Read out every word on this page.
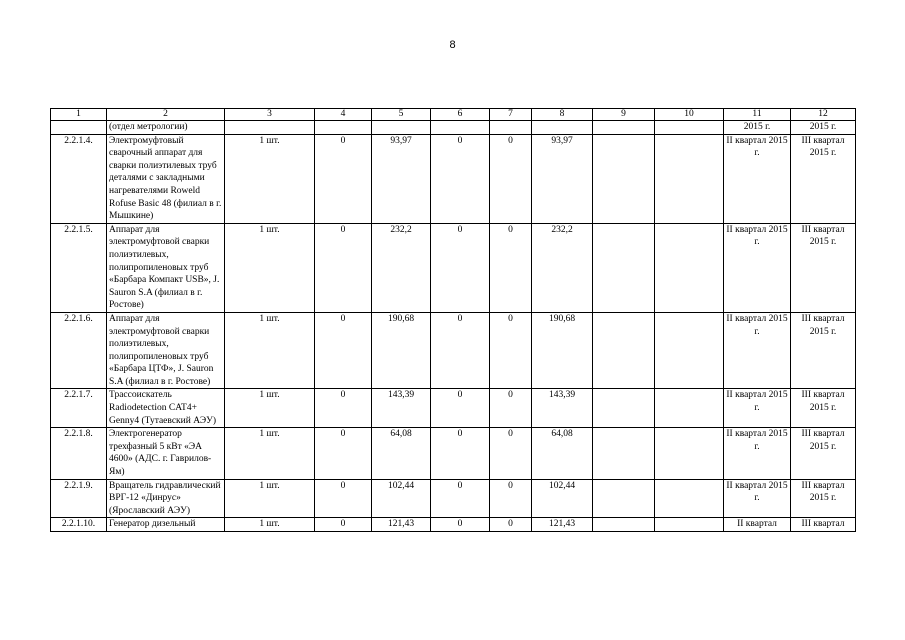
8
1	2	3	4	5	6	7	8	9	10	11	12
	(отдел метрологии)									2015 г.	2015 г.
2.2.1.4.	Электромуфтовый сварочный аппарат для сварки полиэтилевых труб деталями с закладными нагревателями Roweld Rofuse Basic 48 (филиал в г. Мышкине)	1 шт.	0	93,97	0	0	93,97			II квартал 2015 г.	III квартал 2015 г.
2.2.1.5.	Аппарат для электромуфтовой сварки полиэтилевых, полипропиленовых труб «Барбара Компакт USB», J. Sauron S.A (филиал в г. Ростове)	1 шт.	0	232,2	0	0	232,2			II квартал 2015 г.	III квартал 2015 г.
2.2.1.6.	Аппарат для электромуфтовой сварки полиэтилевых, полипропиленовых труб «Барбара ЦТФ», J. Sauron S.A (филиал в г. Ростове)	1 шт.	0	190,68	0	0	190,68			II квартал 2015 г.	III квартал 2015 г.
2.2.1.7.	Трассоискатель Radiodetection CAT4+ Genny4 (Тутаевский АЭУ)	1 шт.	0	143,39	0	0	143,39			II квартал 2015 г.	III квартал 2015 г.
2.2.1.8.	Электрогенератор трехфазный 5 кВт «ЭА 4600» (АДС. г. Гаврилов-Ям)	1 шт.	0	64,08	0	0	64,08			II квартал 2015 г.	III квартал 2015 г.
2.2.1.9.	Вращатель гидравлический ВРГ-12 «Динрус» (Ярославский АЭУ)	1 шт.	0	102,44	0	0	102,44			II квартал 2015 г.	III квартал 2015 г.
2.2.1.10.	Генератор дизельный	1 шт.	0	121,43	0	0	121,43			II квартал	III квартал
